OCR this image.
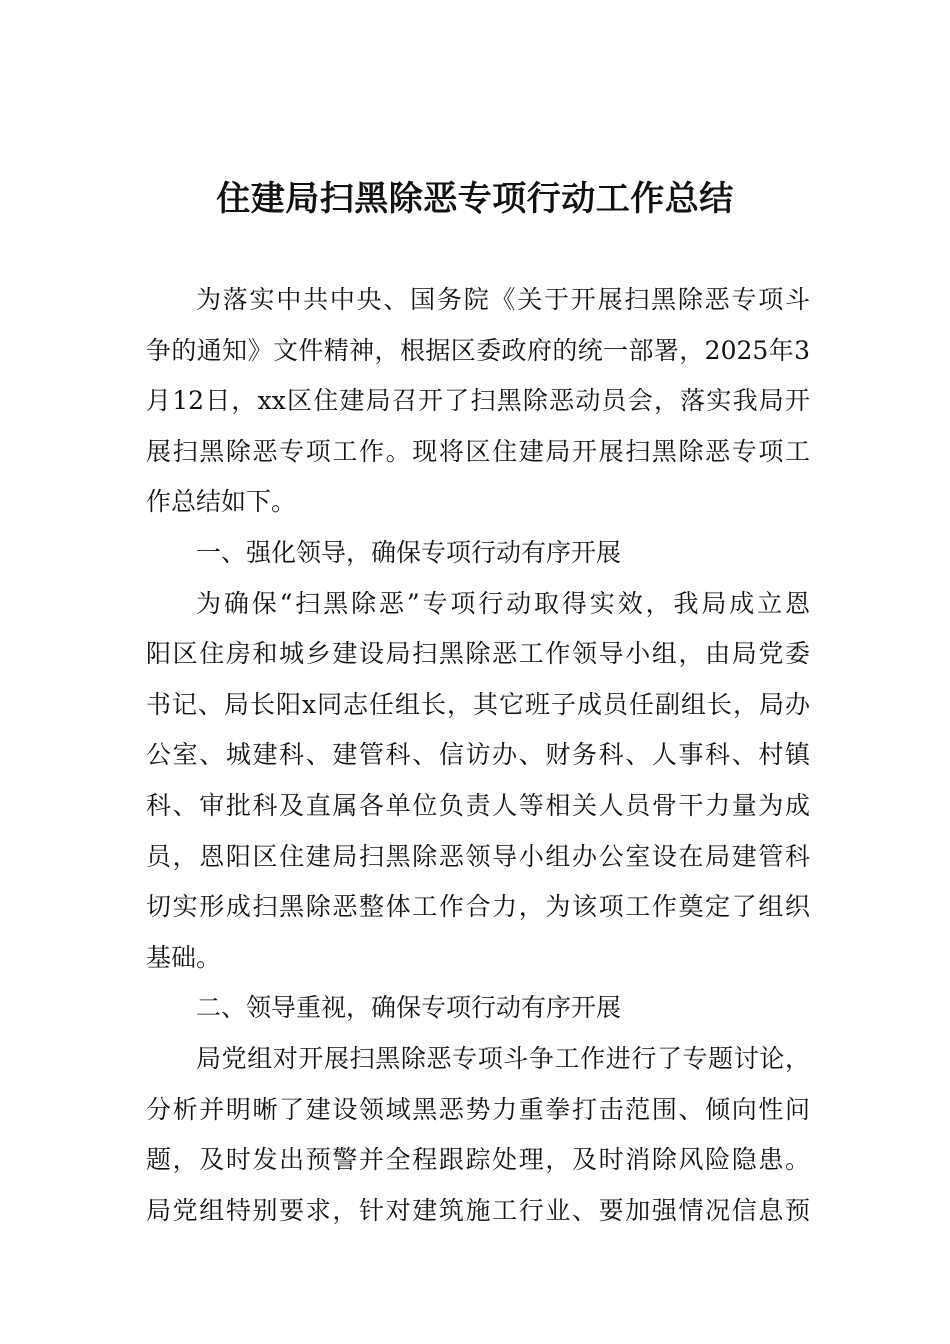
住建局扫黑除恶专项行动工作总结
为落实中共中央、国务院《关于开展扫黑除恶专项斗
争的通知》文件精神，根据区委政府的统一部署，2025年3
月12日，xx区住建局召开了扫黑除恶动员会，落实我局开
展扫黑除恶专项工作。现将区住建局开展扫黑除恶专项工
作总结如下。
一、强化领导，确保专项行动有序开展
为确保“扫黑除恶”专项行动取得实效，我局成立恩
阳区住房和城乡建设局扫黑除恶工作领导小组，由局党委
书记、局长阳x同志任组长，其它班子成员任副组长，局办
公室、城建科、建管科、信访办、财务科、人事科、村镇
科、审批科及直属各单位负责人等相关人员骨干力量为成
员，恩阳区住建局扫黑除恶领导小组办公室设在局建管科
切实形成扫黑除恶整体工作合力，为该项工作奠定了组织
基础。
二、领导重视，确保专项行动有序开展
局党组对开展扫黑除恶专项斗争工作进行了专题讨论，
分析并明晰了建设领域黑恶势力重拳打击范围、倾向性问
题，及时发出预警并全程跟踪处理，及时消除风险隐患。
局党组特别要求，针对建筑施工行业、要加强情况信息预
